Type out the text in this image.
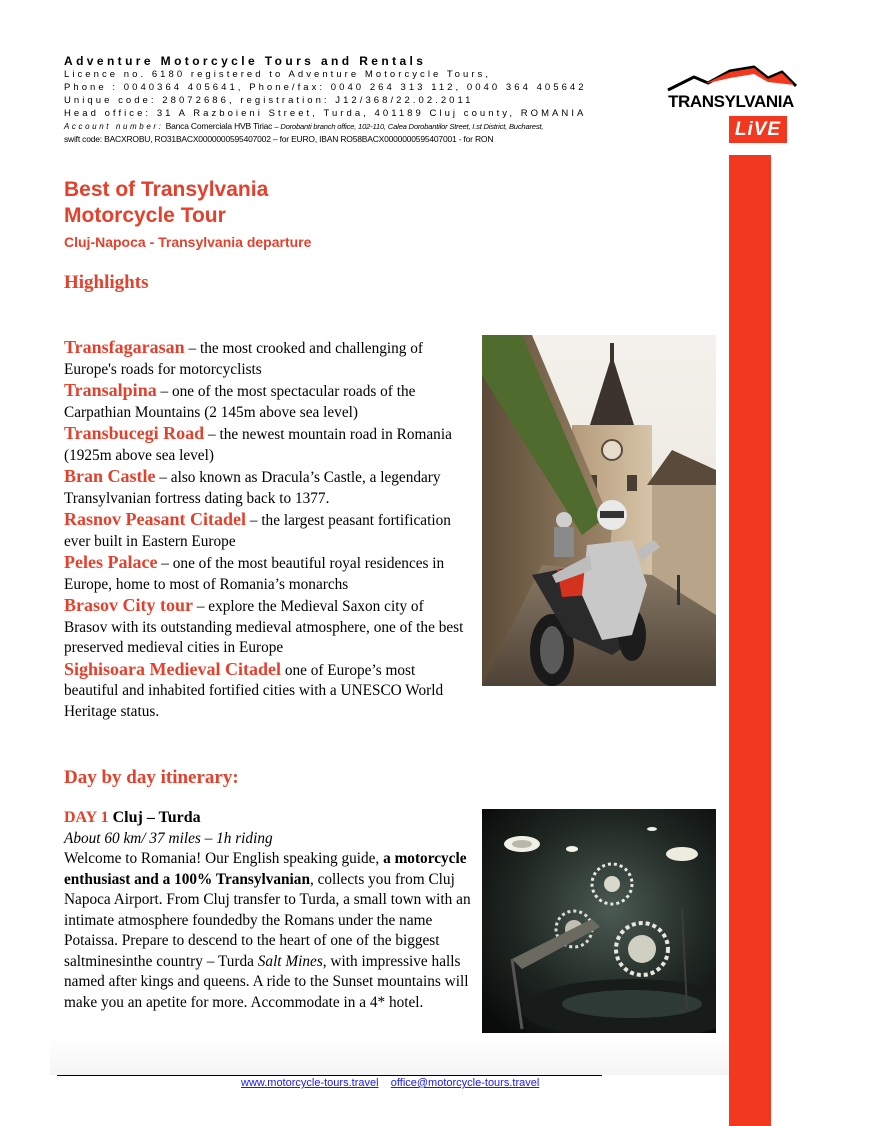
Adventure Motorcycle Tours and Rentals
Licence no. 6180 registered to Adventure Motorcycle Tours,
Phone : 0040364 405641, Phone/fax: 0040 264 313 112, 0040 364 405642
Unique code: 28072686, registration: J12/368/22.02.2011
Head office: 31 A Razboieni Street, Turda, 401189 Cluj county, ROMANIA
Account number: Banca Comerciala HVB Tiriac – Dorobanti branch office, 102-110, Calea Dorobantilor Street, I.st District, Bucharest,
swift code: BACXROBU, RO31BACX0000000595407002 – for EURO, IBAN RO58BACX0000000595407001 - for RON
TRANSYLVANIA
LiVE
Best of Transylvania
Motorcycle Tour
Cluj-Napoca - Transylvania departure
Highlights

Transfagarasan – the most crooked and challenging of Europe's roads for motorcyclists

Transalpina – one of the most spectacular roads of the Carpathian Mountains (2 145m above sea level)

Transbucegi Road – the newest mountain road in Romania (1925m above sea level)

Bran Castle – also known as Dracula’s Castle, a legendary Transylvanian fortress dating back to 1377.

Rasnov Peasant Citadel – the largest peasant fortification ever built in Eastern Europe

Peles Palace – one of the most beautiful royal residences in Europe, home to most of Romania’s monarchs

Brasov City tour – explore the Medieval Saxon city of Brasov with its outstanding medieval atmosphere, one of the best preserved medieval cities in Europe

Sighisoara Medieval Citadel one of Europe’s most beautiful and inhabited fortified cities with a UNESCO World Heritage status.

Day by day itinerary:
DAY 1 Cluj – Turda
About 60 km/ 37 miles – 1h riding
Welcome to Romania! Our English speaking guide, a motorcycle enthusiast and a 100% Transylvanian, collects you from Cluj Napoca Airport. From Cluj transfer to Turda, a small town with an intimate atmosphere foundedby the Romans under the name Potaissa. Prepare to descend to the heart of one of the biggest saltminesinthe country – Turda Salt Mines, with impressive halls named after kings and queens. A ride to the Sunset mountains will make you an apetite for more. Accommodate in a 4* hotel.
www.motorcycle-tours.travel office@motorcycle-tours.travel
